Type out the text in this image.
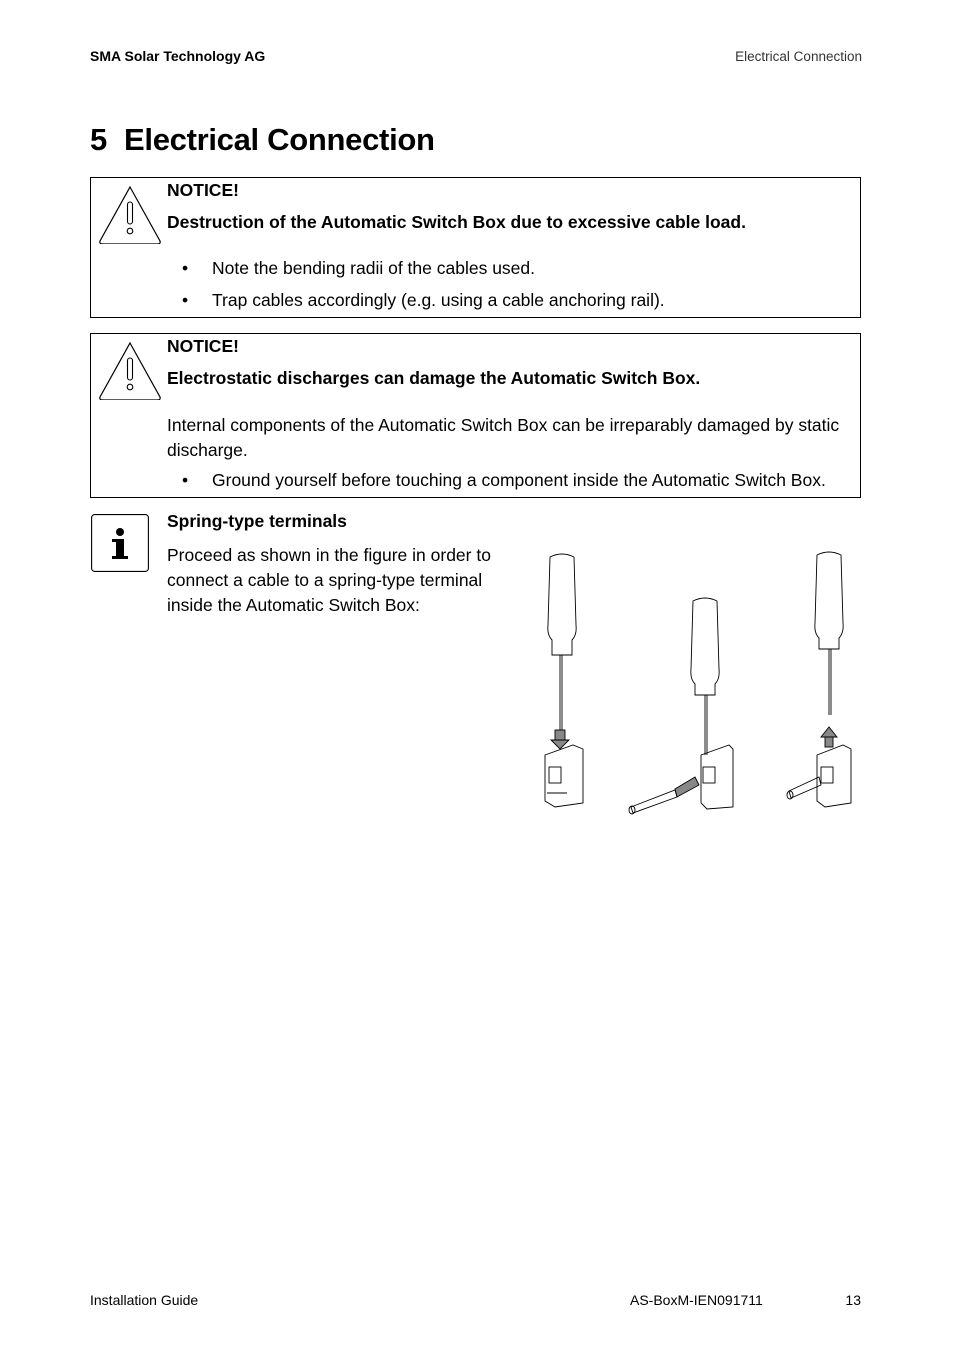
SMA Solar Technology AG	Electrical Connection
5 Electrical Connection
NOTICE!
Destruction of the Automatic Switch Box due to excessive cable load.
• Note the bending radii of the cables used.
• Trap cables accordingly (e.g. using a cable anchoring rail).
NOTICE!
Electrostatic discharges can damage the Automatic Switch Box.
Internal components of the Automatic Switch Box can be irreparably damaged by static discharge.
• Ground yourself before touching a component inside the Automatic Switch Box.
Spring-type terminals
Proceed as shown in the figure in order to connect a cable to a spring-type terminal inside the Automatic Switch Box:
Installation Guide	AS-BoxM-IEN091711	13
